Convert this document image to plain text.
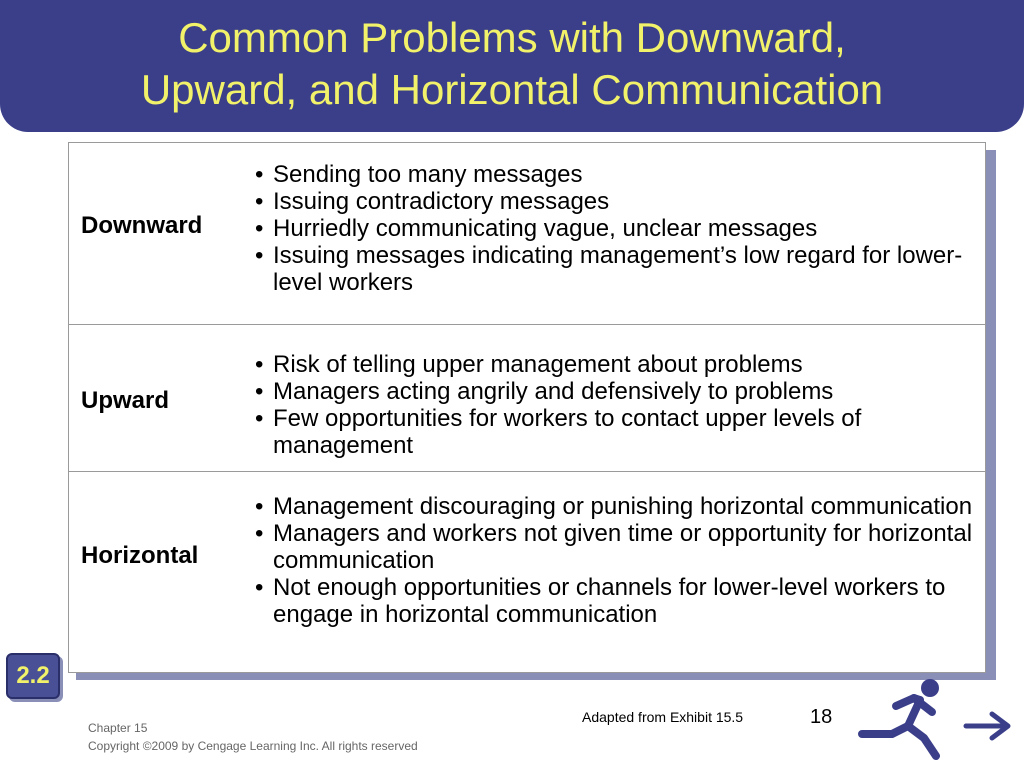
Common Problems with Downward,
Upward, and Horizontal Communication
Downward
• Sending too many messages
• Issuing contradictory messages
• Hurriedly communicating vague, unclear messages
• Issuing messages indicating management’s low regard for lower-level workers
Upward
• Risk of telling upper management about problems
• Managers acting angrily and defensively to problems
• Few opportunities for workers to contact upper levels of management
Horizontal
• Management discouraging or punishing horizontal communication
• Managers and workers not given time or opportunity for horizontal communication
• Not enough opportunities or channels for lower-level workers to engage in horizontal communication
2.2
Adapted from Exhibit 15.5	18
Chapter 15
Copyright ©2009 by Cengage Learning Inc. All rights reserved
